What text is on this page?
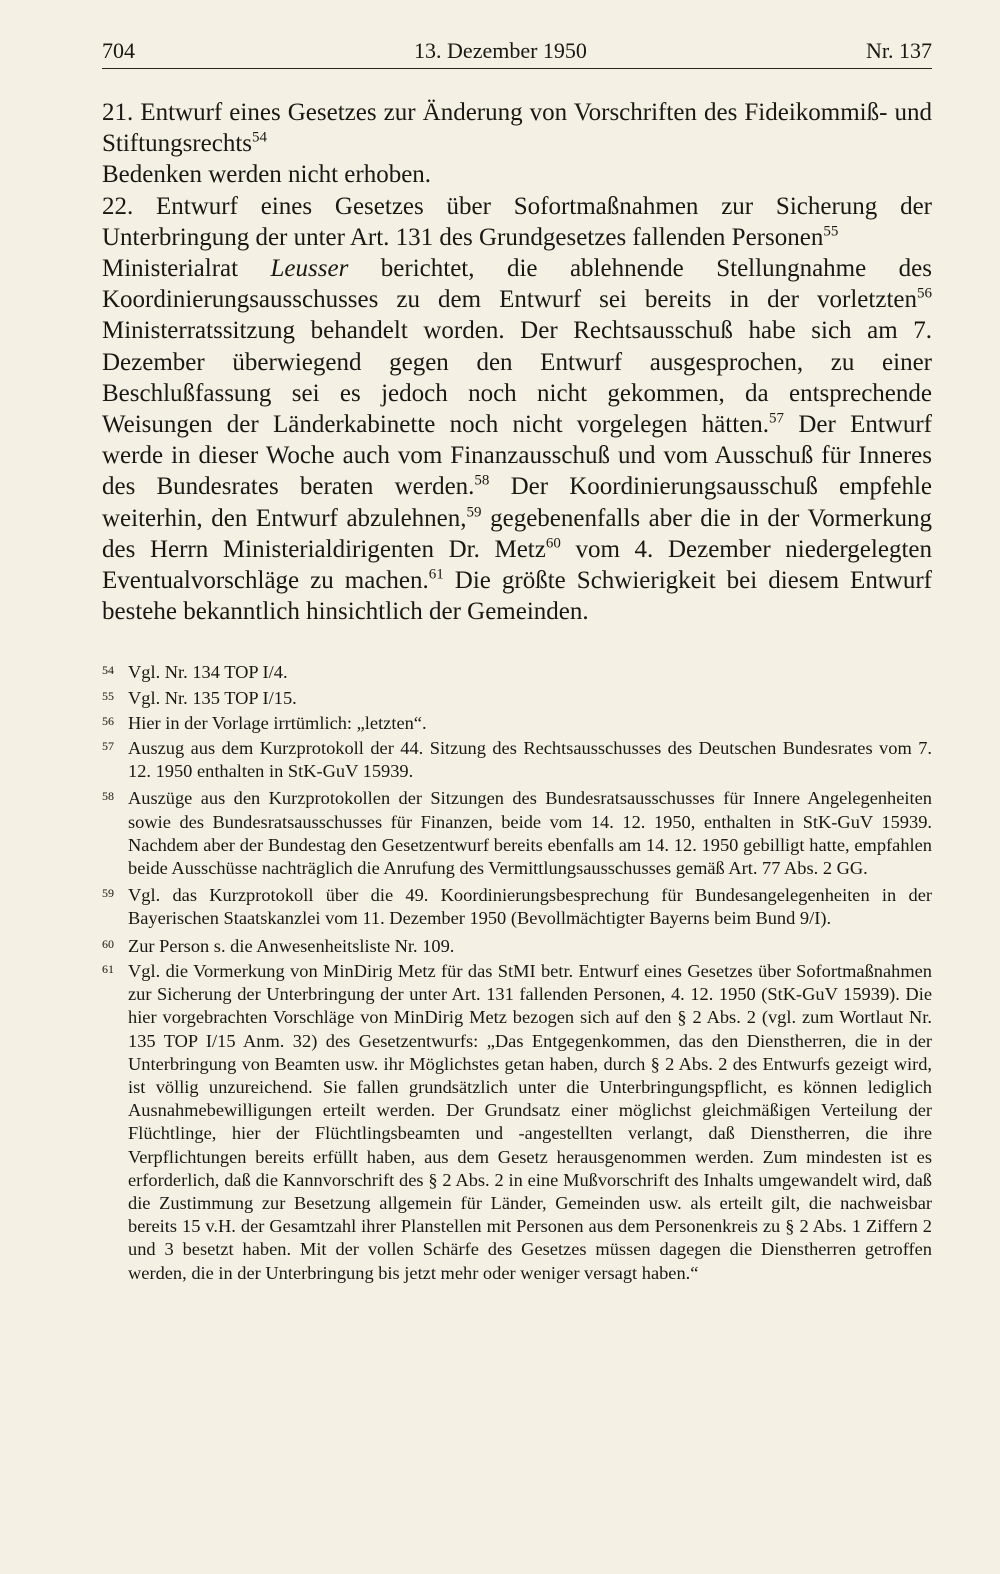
704	13. Dezember 1950	Nr. 137

21. Entwurf eines Gesetzes zur Änderung von Vorschriften des Fideikommiß- und Stiftungsrechts$^{54}$

Bedenken werden nicht erhoben.

22. Entwurf eines Gesetzes über Sofortmaßnahmen zur Sicherung der Unterbringung der unter Art. 131 des Grundgesetzes fallenden Personen$^{55}$

Ministerialrat Leusser berichtet, die ablehnende Stellungnahme des Koordinierungsausschusses zu dem Entwurf sei bereits in der vorletzten$^{56}$ Ministerratssitzung behandelt worden. Der Rechtsausschuß habe sich am 7. Dezember überwiegend gegen den Entwurf ausgesprochen, zu einer Beschlußfassung sei es jedoch noch nicht gekommen, da entsprechende Weisungen der Länderkabinette noch nicht vorgelegen hätten.$^{57}$ Der Entwurf werde in dieser Woche auch vom Finanzausschuß und vom Ausschuß für Inneres des Bundesrates beraten werden.$^{58}$ Der Koordinierungsausschuß empfehle weiterhin, den Entwurf abzulehnen,$^{59}$ gegebenenfalls aber die in der Vormerkung des Herrn Ministerialdirigenten Dr. Metz$^{60}$ vom 4. Dezember niedergelegten Eventualvorschläge zu machen.$^{61}$ Die größte Schwierigkeit bei diesem Entwurf bestehe bekanntlich hinsichtlich der Gemeinden.

54 Vgl. Nr. 134 TOP I/4.
55 Vgl. Nr. 135 TOP I/15.
56 Hier in der Vorlage irrtümlich: „letzten“.
57 Auszug aus dem Kurzprotokoll der 44. Sitzung des Rechtsausschusses des Deutschen Bundesrates vom 7. 12. 1950 enthalten in StK-GuV 15939.
58 Auszüge aus den Kurzprotokollen der Sitzungen des Bundesratsausschusses für Innere Angelegenheiten sowie des Bundesratsausschusses für Finanzen, beide vom 14. 12. 1950, enthalten in StK-GuV 15939. Nachdem aber der Bundestag den Gesetzentwurf bereits ebenfalls am 14. 12. 1950 gebilligt hatte, empfahlen beide Ausschüsse nachträglich die Anrufung des Vermittlungsausschusses gemäß Art. 77 Abs. 2 GG.
59 Vgl. das Kurzprotokoll über die 49. Koordinierungsbesprechung für Bundesangelegenheiten in der Bayerischen Staatskanzlei vom 11. Dezember 1950 (Bevollmächtigter Bayerns beim Bund 9/I).
60 Zur Person s. die Anwesenheitsliste Nr. 109.
61 Vgl. die Vormerkung von MinDirig Metz für das StMI betr. Entwurf eines Gesetzes über Sofortmaßnahmen zur Sicherung der Unterbringung der unter Art. 131 fallenden Personen, 4. 12. 1950 (StK-GuV 15939). Die hier vorgebrachten Vorschläge von MinDirig Metz bezogen sich auf den § 2 Abs. 2 (vgl. zum Wortlaut Nr. 135 TOP I/15 Anm. 32) des Gesetzentwurfs: „Das Entgegenkommen, das den Dienstherren, die in der Unterbringung von Beamten usw. ihr Möglichstes getan haben, durch § 2 Abs. 2 des Entwurfs gezeigt wird, ist völlig unzureichend. Sie fallen grundsätzlich unter die Unterbringungspflicht, es können lediglich Ausnahmebewilligungen erteilt werden. Der Grundsatz einer möglichst gleichmäßigen Verteilung der Flüchtlinge, hier der Flüchtlingsbeamten und -angestellten verlangt, daß Dienstherren, die ihre Verpflichtungen bereits erfüllt haben, aus dem Gesetz herausgenommen werden. Zum mindesten ist es erforderlich, daß die Kannvorschrift des § 2 Abs. 2 in eine Mußvorschrift des Inhalts umgewandelt wird, daß die Zustimmung zur Besetzung allgemein für Länder, Gemeinden usw. als erteilt gilt, die nachweisbar bereits 15 v.H. der Gesamtzahl ihrer Planstellen mit Personen aus dem Personenkreis zu § 2 Abs. 1 Ziffern 2 und 3 besetzt haben. Mit der vollen Schärfe des Gesetzes müssen dagegen die Dienstherren getroffen werden, die in der Unterbringung bis jetzt mehr oder weniger versagt haben.“
